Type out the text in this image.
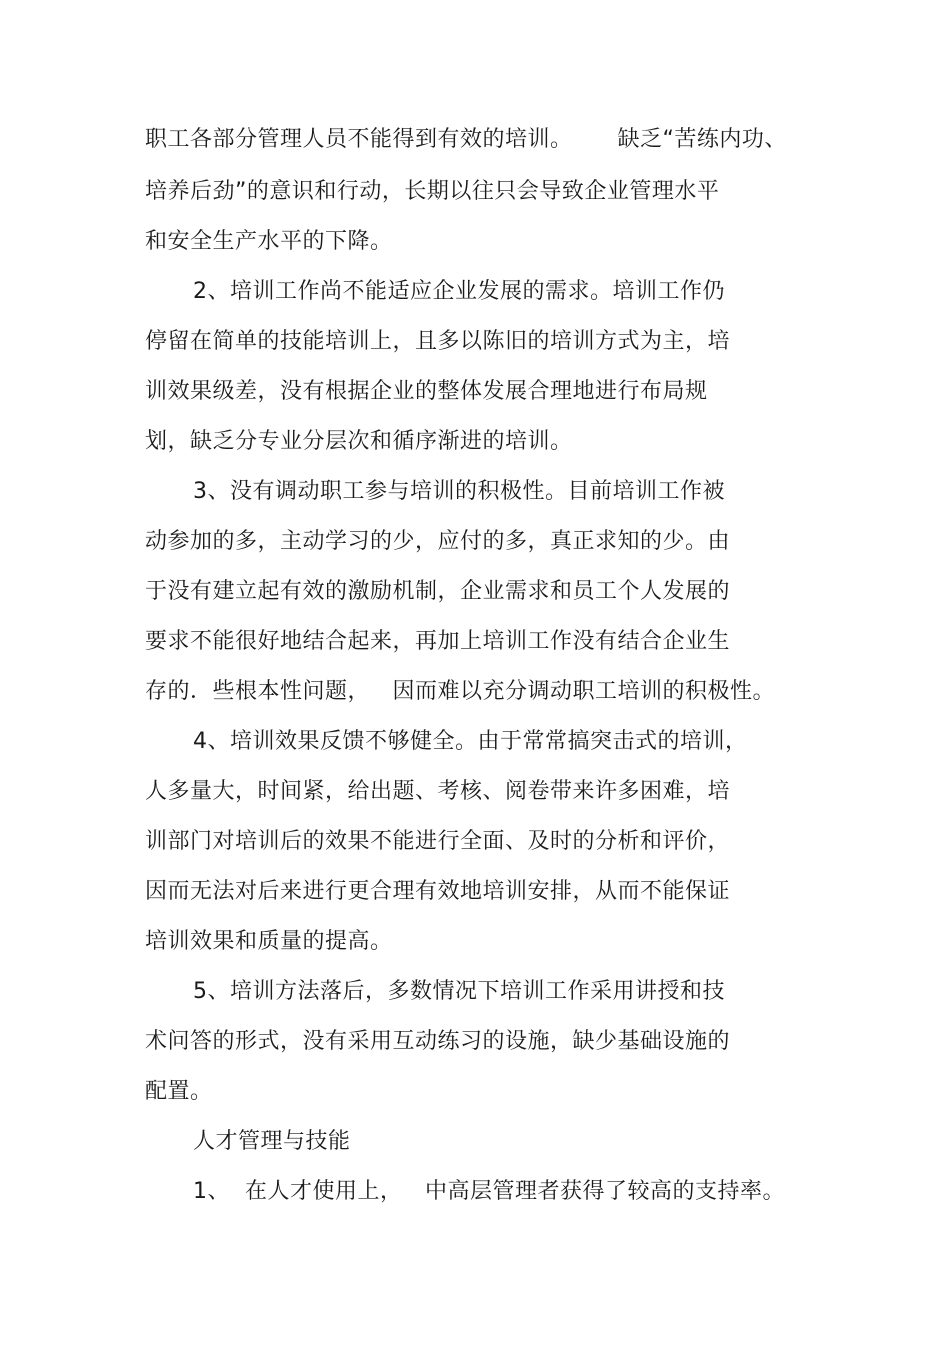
职工各部分管理人员不能得到有效的培训。      缺乏“苦练内功、
培养后劲”的意识和行动，长期以往只会导致企业管理水平
和安全生产水平的下降。
2、培训工作尚不能适应企业发展的需求。培训工作仍
停留在简单的技能培训上，且多以陈旧的培训方式为主，培
训效果级差，没有根据企业的整体发展合理地进行布局规
划，缺乏分专业分层次和循序渐进的培训。
3、没有调动职工参与培训的积极性。目前培训工作被
动参加的多，主动学习的少，应付的多，真正求知的少。由
于没有建立起有效的激励机制，企业需求和员工个人发展的
要求不能很好地结合起来，再加上培训工作没有结合企业生
存的．些根本性问题，   因而难以充分调动职工培训的积极性。
4、培训效果反馈不够健全。由于常常搞突击式的培训，
人多量大，时间紧，给出题、考核、阅卷带来许多困难，培
训部门对培训后的效果不能进行全面、及时的分析和评价，
因而无法对后来进行更合理有效地培训安排，从而不能保证
培训效果和质量的提高。
5、培训方法落后，多数情况下培训工作采用讲授和技
术问答的形式，没有采用互动练习的设施，缺少基础设施的
配置。
人才管理与技能
1、  在人才使用上，   中高层管理者获得了较高的支持率。
